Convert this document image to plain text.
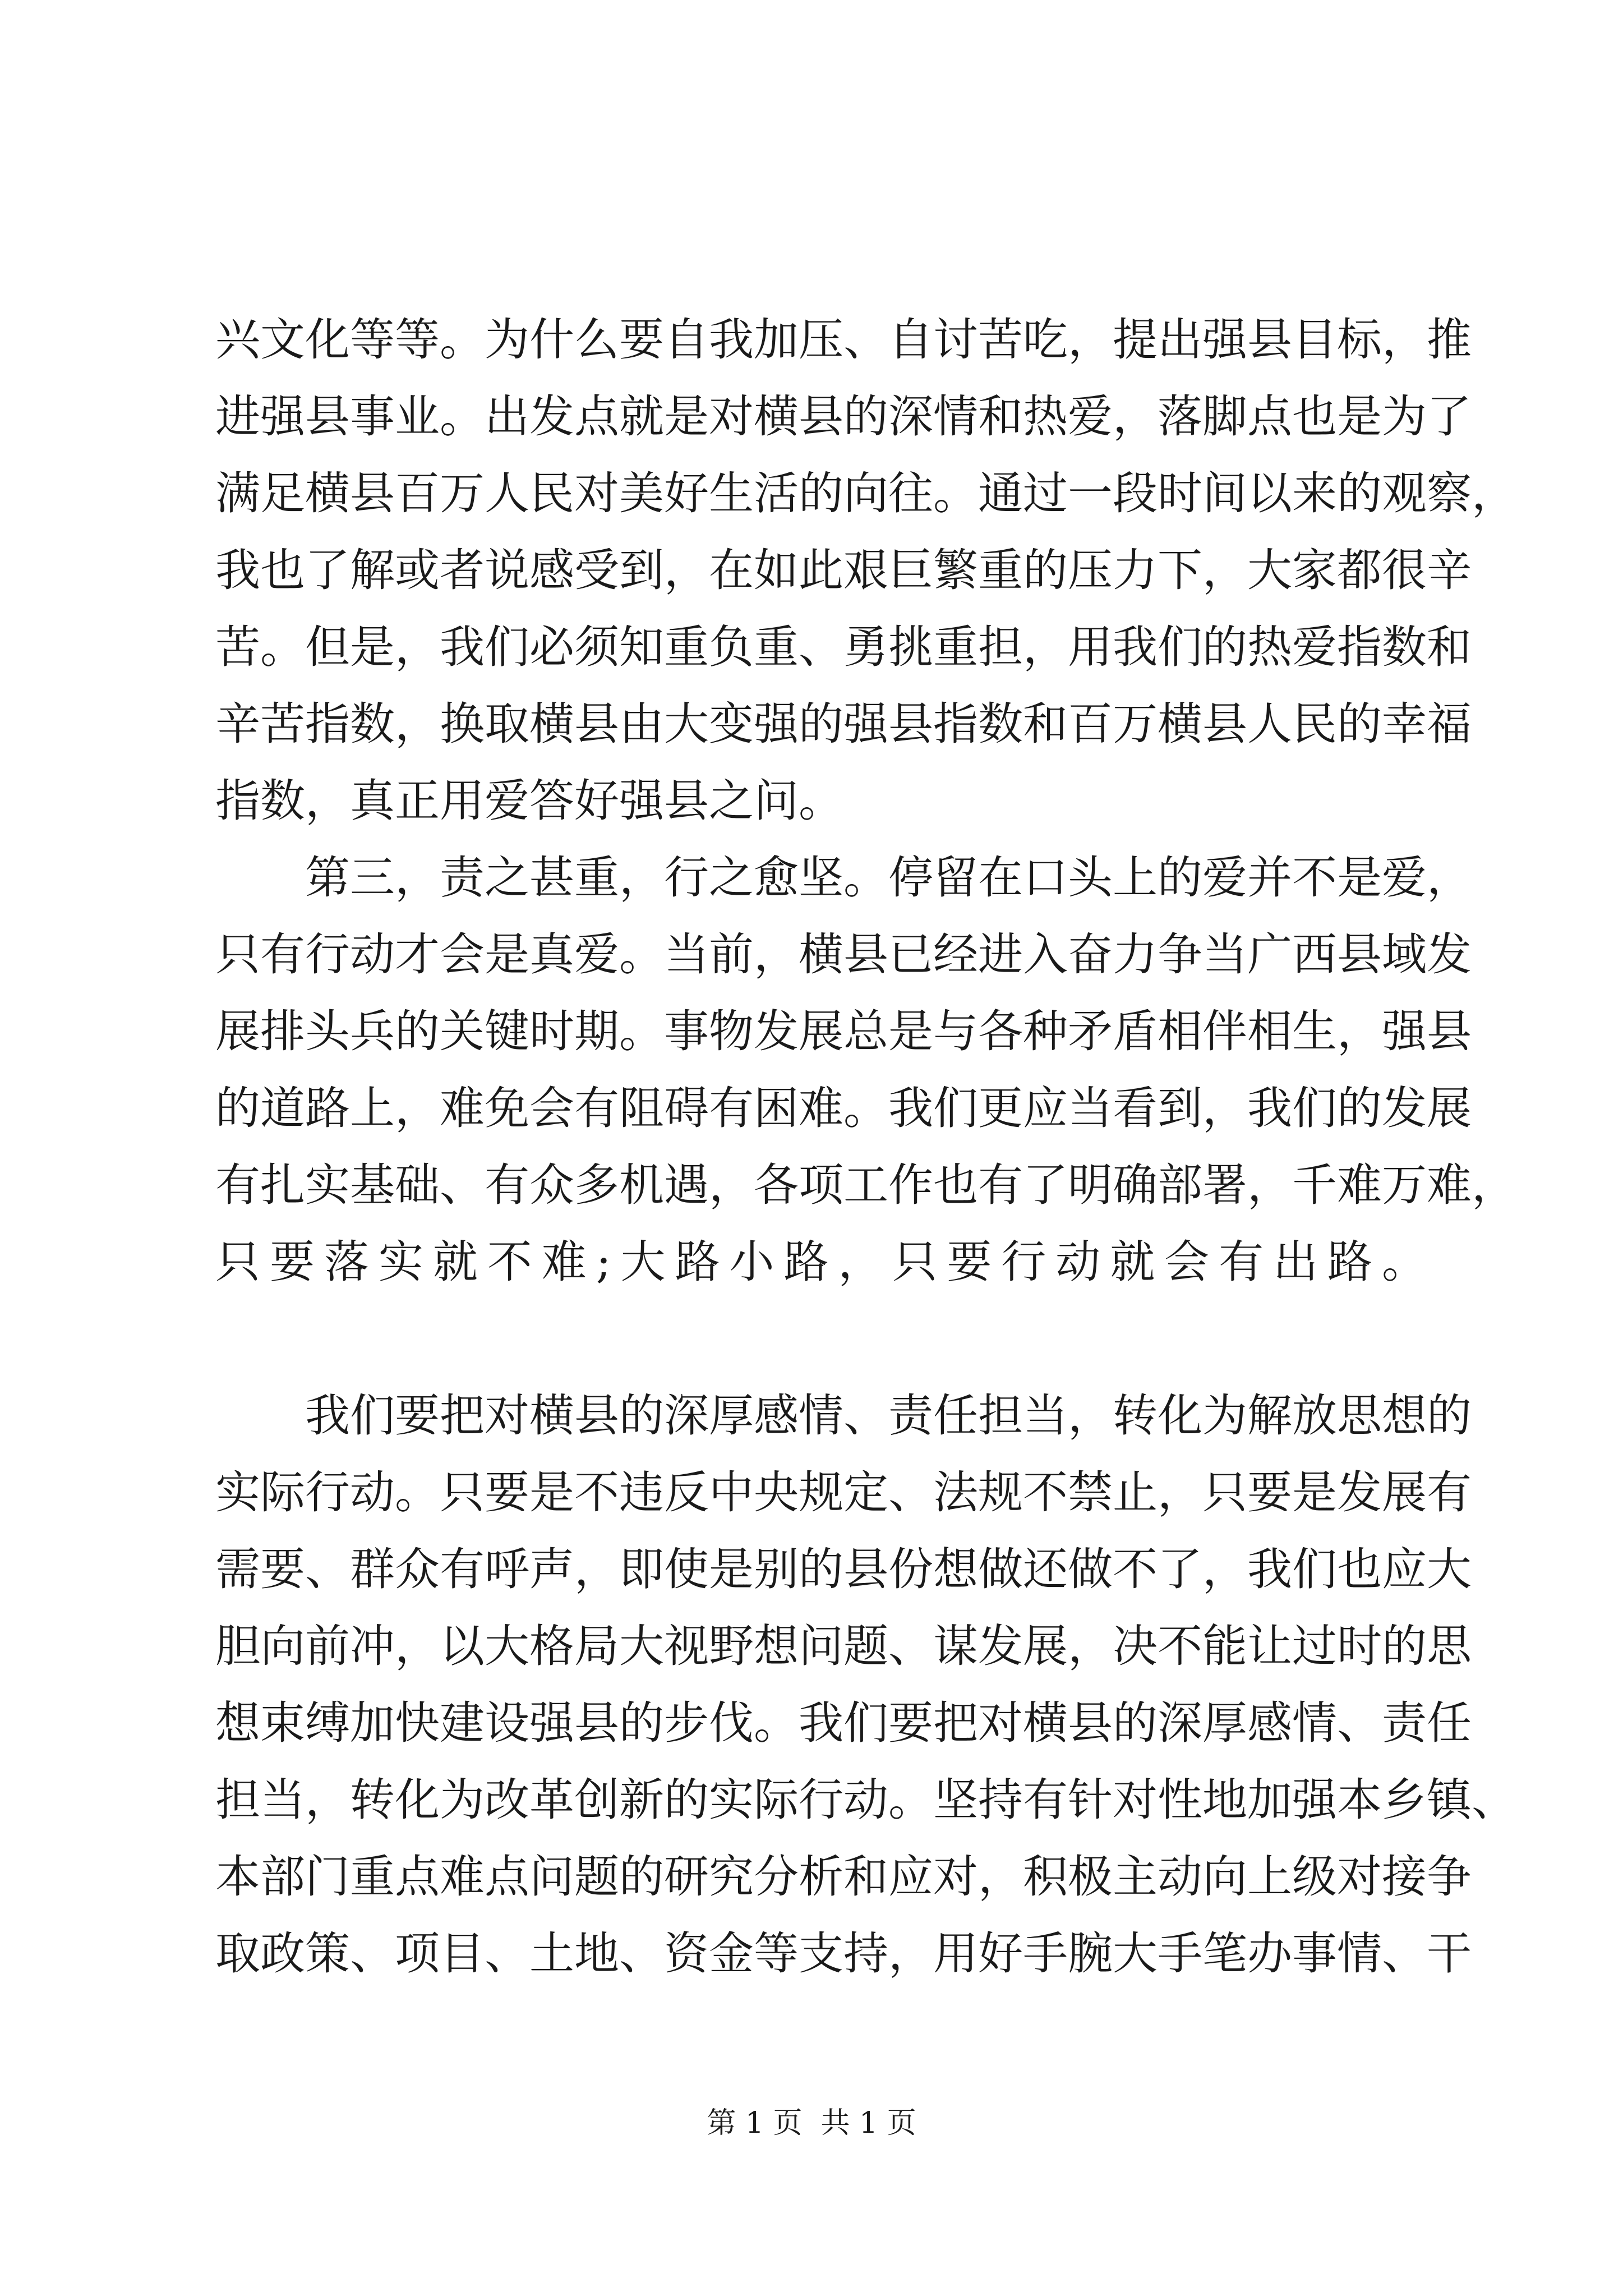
兴文化等等。为什么要自我加压、自讨苦吃，提出强县目标，推
进强县事业。出发点就是对横县的深情和热爱，落脚点也是为了
满足横县百万人民对美好生活的向往。通过一段时间以来的观察，
我也了解或者说感受到，在如此艰巨繁重的压力下，大家都很辛
苦。但是，我们必须知重负重、勇挑重担，用我们的热爱指数和
辛苦指数，换取横县由大变强的强县指数和百万横县人民的幸福
指数，真正用爱答好强县之问。
第三，责之甚重，行之愈坚。停留在口头上的爱并不是爱，
只有行动才会是真爱。当前，横县已经进入奋力争当广西县域发
展排头兵的关键时期。事物发展总是与各种矛盾相伴相生，强县
的道路上，难免会有阻碍有困难。我们更应当看到，我们的发展
有扎实基础、有众多机遇，各项工作也有了明确部署，千难万难，
只要落实就不难;大路小路，只要行动就会有出路。
我们要把对横县的深厚感情、责任担当，转化为解放思想的
实际行动。只要是不违反中央规定、法规不禁止，只要是发展有
需要、群众有呼声，即使是别的县份想做还做不了，我们也应大
胆向前冲，以大格局大视野想问题、谋发展，决不能让过时的思
想束缚加快建设强县的步伐。我们要把对横县的深厚感情、责任
担当，转化为改革创新的实际行动。坚持有针对性地加强本乡镇、
本部门重点难点问题的研究分析和应对，积极主动向上级对接争
取政策、项目、土地、资金等支持，用好手腕大手笔办事情、干
第 1 页  共 1 页
